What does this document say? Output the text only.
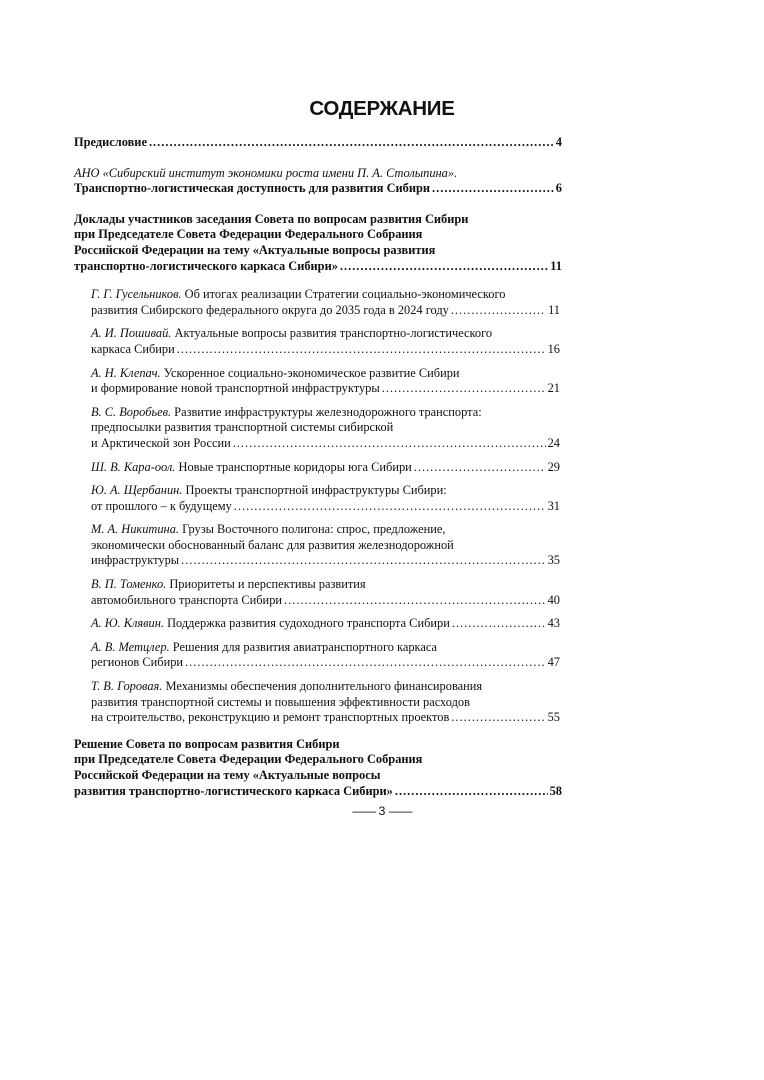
СОДЕРЖАНИЕ
Предисловие .....	4
АНО «Сибирский институт экономики роста имени П. А. Столыпина».
Транспортно-логистическая доступность для развития Сибири .....	6
Доклады участников заседания Совета по вопросам развития Сибири
при Председателе Совета Федерации Федерального Собрания
Российской Федерации на тему «Актуальные вопросы развития
транспортно-логистического каркаса Сибири» .....	11
Г. Г. Гусельников. Об итогах реализации Стратегии социально-экономического
развития Сибирского федерального округа до 2035 года в 2024 году .....	11
А. И. Пошивай. Актуальные вопросы развития транспортно-логистического
каркаса Сибири .....	16
А. Н. Клепач. Ускоренное социально-экономическое развитие Сибири
и формирование новой транспортной инфраструктуры .....	21
В. С. Воробьев. Развитие инфраструктуры железнодорожного транспорта:
предпосылки развития транспортной системы сибирской
и Арктической зон России .....	24
Ш. В. Кара-оол. Новые транспортные коридоры юга Сибири .....	29
Ю. А. Щербанин. Проекты транспортной инфраструктуры Сибири:
от прошлого – к будущему .....	31
М. А. Никитина. Грузы Восточного полигона: спрос, предложение,
экономически обоснованный баланс для развития железнодорожной
инфраструктуры .....	35
В. П. Томенко. Приоритеты и перспективы развития
автомобильного транспорта Сибири .....	40
А. Ю. Клявин. Поддержка развития судоходного транспорта Сибири .....	43
А. В. Метцлер. Решения для развития авиатранспортного каркаса
регионов Сибири .....	47
Т. В. Горовая. Механизмы обеспечения дополнительного финансирования
развития транспортной системы и повышения эффективности расходов
на строительство, реконструкцию и ремонт транспортных проектов .....	55
Решение Совета по вопросам развития Сибири
при Председателе Совета Федерации Федерального Собрания
Российской Федерации на тему «Актуальные вопросы
развития транспортно-логистического каркаса Сибири» .....	58
—— 3 ——
